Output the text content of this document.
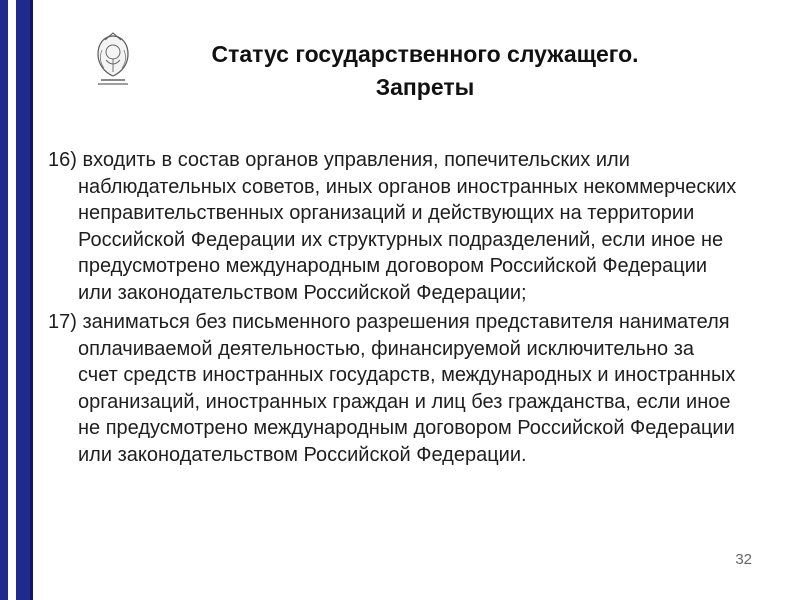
Статус государственного служащего.
Запреты
16) входить в состав органов управления, попечительских или наблюдательных советов, иных органов иностранных некоммерческих неправительственных организаций и действующих на территории Российской Федерации их структурных подразделений, если иное не предусмотрено международным договором Российской Федерации или законодательством Российской Федерации;
17) заниматься без письменного разрешения представителя нанимателя оплачиваемой деятельностью, финансируемой исключительно за счет средств иностранных государств, международных и иностранных организаций, иностранных граждан и лиц без гражданства, если иное не предусмотрено международным договором Российской Федерации или законодательством Российской Федерации.
32
